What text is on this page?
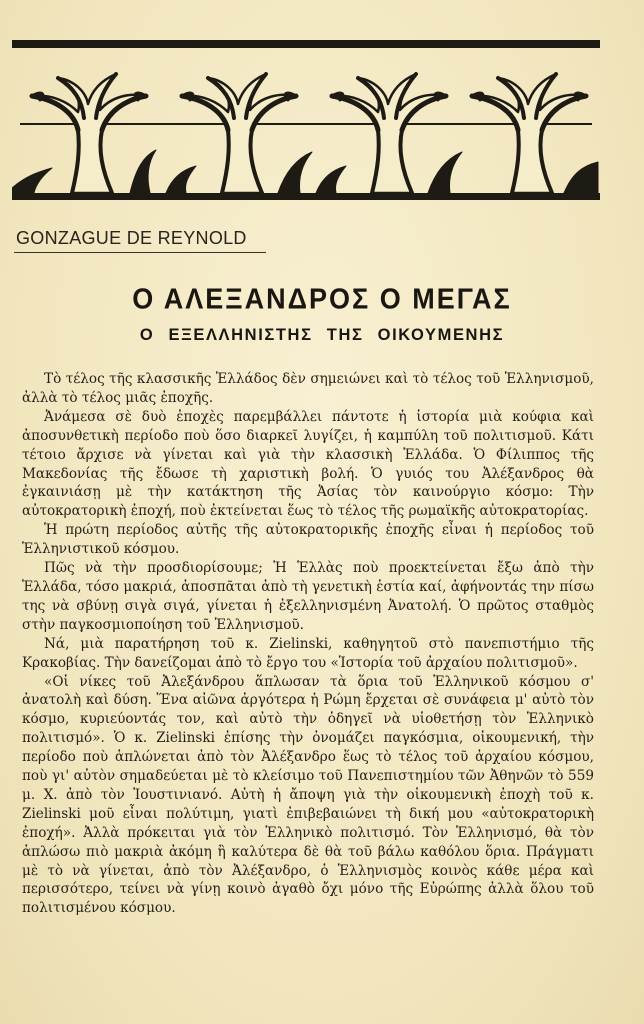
GONZAGUE DE REYNOLD
Ο ΑΛΕΞΑΝΔΡΟΣ Ο ΜΕΓΑΣ
Ο ΕΞΕΛΛΗΝΙΣΤΗΣ ΤΗΣ ΟΙΚΟΥΜΕΝΗΣ

Τὸ τέλος τῆς κλασσικῆς Ἑλλάδος δὲν σημειώνει καὶ τὸ τέλος τοῦ Ἑλληνισμοῦ, ἀλλὰ τὸ τέλος μιᾶς ἐποχῆς.

Ἀνάμεσα σὲ δυὸ ἐποχὲς παρεμβάλλει πάντοτε ἡ ἱστορία μιὰ κούφια καὶ ἀποσυνθετικὴ περίοδο ποὺ ὅσο διαρκεῖ λυγίζει, ἡ καμπύλη τοῦ πολιτισμοῦ. Κάτι τέτοιο ἄρχισε νὰ γίνεται καὶ γιὰ τὴν κλασσικὴ Ἑλλάδα. Ὁ Φίλιππος τῆς Μακεδονίας τῆς ἔδωσε τὴ χαριστικὴ βολή. Ὁ γυιός του Ἀλέξανδρος θὰ ἐγκαινιάσῃ μὲ τὴν κατάκτηση τῆς Ἀσίας τὸν καινούργιο κόσμο: Τὴν αὐτοκρατορικὴ ἐποχή, ποὺ ἐκτείνεται ἕως τὸ τέλος τῆς ρωμαϊκῆς αὐτοκρατορίας.

Ἡ πρώτη περίοδος αὐτῆς τῆς αὐτοκρατορικῆς ἐποχῆς εἶναι ἡ περίοδος τοῦ Ἑλληνιστικοῦ κόσμου.

Πῶς νὰ τὴν προσδιορίσουμε; Ἡ Ἑλλὰς ποὺ προεκτείνεται ἔξω ἀπὸ τὴν Ἑλλάδα, τόσο μακριά, ἀποσπᾶται ἀπὸ τὴ γενετικὴ ἑστία καί, ἀφήνοντάς την πίσω της νὰ σβύνῃ σιγὰ σιγά, γίνεται ἡ ἐξελληνισμένη Ἀνατολή. Ὁ πρῶτος σταθμὸς στὴν παγκοσμιοποίηση τοῦ Ἑλληνισμοῦ.

Νά, μιὰ παρατήρηση τοῦ κ. Zielinski, καθηγητοῦ στὸ πανεπιστήμιο τῆς Κρακοβίας. Τὴν δανείζομαι ἀπὸ τὸ ἔργο του «Ἱστορία τοῦ ἀρχαίου πολιτισμοῦ».

«Οἱ νίκες τοῦ Ἀλεξάνδρου ἅπλωσαν τὰ ὅρια τοῦ Ἑλληνικοῦ κόσμου σ' ἀνατολὴ καὶ δύση. Ἕνα αἰῶνα ἀργότερα ἡ Ρώμη ἔρχεται σὲ συνάφεια μ' αὐτὸ τὸν κόσμο, κυριεύοντάς τον, καὶ αὐτὸ τὴν ὁδηγεῖ νὰ υἱοθετήσῃ τὸν Ἑλληνικὸ πολιτισμό». Ὁ κ. Zielinski ἐπίσης τὴν ὀνομάζει παγκόσμια, οἰκουμενική, τὴν περίοδο ποὺ ἁπλώνεται ἀπὸ τὸν Ἀλέξανδρο ἕως τὸ τέλος τοῦ ἀρχαίου κόσμου, ποὺ γι' αὐτὸν σημαδεύεται μὲ τὸ κλείσιμο τοῦ Πανεπιστημίου τῶν Ἀθηνῶν τὸ 559 μ. Χ. ἀπὸ τὸν Ἰουστινιανό. Αὐτὴ ἡ ἄποψη γιὰ τὴν οἰκουμενικὴ ἐποχὴ τοῦ κ. Zielinski μοῦ εἶναι πολύτιμη, γιατὶ ἐπιβεβαιώνει τὴ δική μου «αὐτοκρατορικὴ ἐποχή». Ἀλλὰ πρόκειται γιὰ τὸν Ἑλληνικὸ πολιτισμό. Τὸν Ἑλληνισμό, θὰ τὸν ἁπλώσω πιὸ μακριὰ ἀκόμη ἢ καλύτερα δὲ θὰ τοῦ βάλω καθόλου ὅρια. Πράγματι μὲ τὸ νὰ γίνεται, ἀπὸ τὸν Ἀλέξανδρο, ὁ Ἑλληνισμὸς κοινὸς κάθε μέρα καὶ περισσότερο, τείνει νὰ γίνῃ κοινὸ ἀγαθὸ ὄχι μόνο τῆς Εὐρώπης ἀλλὰ ὅλου τοῦ πολιτισμένου κόσμου.
